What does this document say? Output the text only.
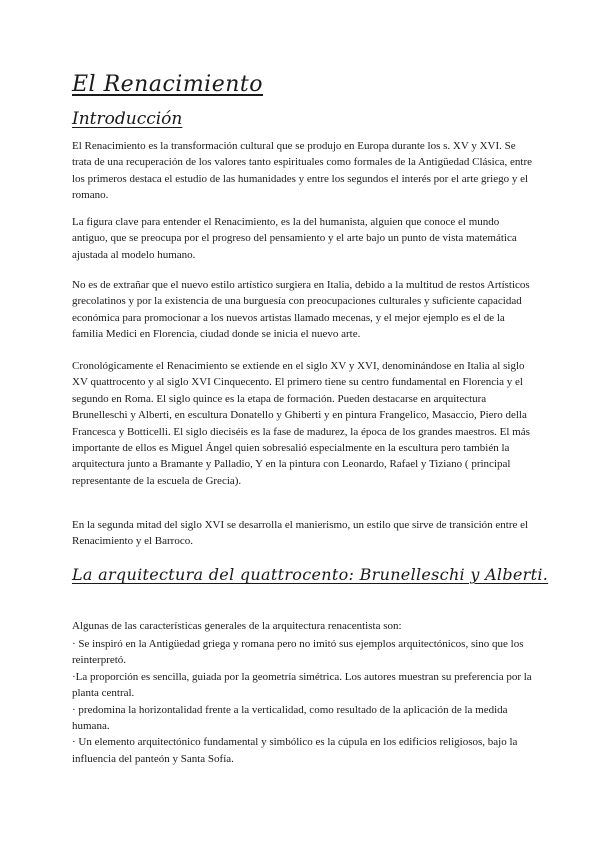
El Renacimiento
Introducción

El Renacimiento es la transformación cultural que se produjo en Europa durante los s. XV y XVI. Se trata de una recuperación de los valores tanto espirituales como formales de la Antigüedad Clásica, entre los primeros destaca el estudio de las humanidades y entre los segundos el interés por el arte griego y el romano.

La figura clave para entender el Renacimiento, es la del humanista, alguien que conoce el mundo antiguo, que se preocupa por el progreso del pensamiento y el arte bajo un punto de vista matemática ajustada al modelo humano.

No es de extrañar que el nuevo estilo artístico surgiera en Italia, debido a la multitud de restos Artísticos grecolatinos y por la existencia de una burguesía con preocupaciones culturales y suficiente capacidad económica para promocionar a los nuevos artistas llamado mecenas, y el mejor ejemplo es el de la familia Medici en Florencia, ciudad donde se inicia el nuevo arte.

Cronológicamente el Renacimiento se extiende en el siglo XV y XVI, denominándose en Italia al siglo XV quattrocento y al siglo XVI Cinquecento. El primero tiene su centro fundamental en Florencia y el segundo en Roma. El siglo quince es la etapa de formación. Pueden destacarse en arquitectura Brunelleschi y Alberti, en escultura Donatello y Ghiberti y en pintura Frangelico, Masaccio, Piero della Francesca y Botticelli. El siglo dieciséis es la fase de madurez, la época de los grandes maestros. El más importante de ellos es Miguel Ángel quien sobresalió especialmente en la escultura pero también la arquitectura junto a Bramante y Palladio, Y en la pintura con Leonardo, Rafael y Tiziano ( principal representante de la escuela de Grecia).

En la segunda mitad del siglo XVI se desarrolla el manierismo, un estilo que sirve de transición entre el Renacimiento y el Barroco.

La arquitectura del quattrocento: Brunelleschi y Alberti.

Algunas de las características generales de la arquitectura renacentista son:

· Se inspiró en la Antigüedad griega y romana pero no imitó sus ejemplos arquitectónicos, sino que los reinterpretó.
·La proporción es sencilla, guiada por la geometría simétrica. Los autores muestran su preferencia por la planta central.
· predomina la horizontalidad frente a la verticalidad, como resultado de la aplicación de la medida humana.
· Un elemento arquitectónico fundamental y simbólico es la cúpula en los edificios religiosos, bajo la influencia del panteón y Santa Sofía.
